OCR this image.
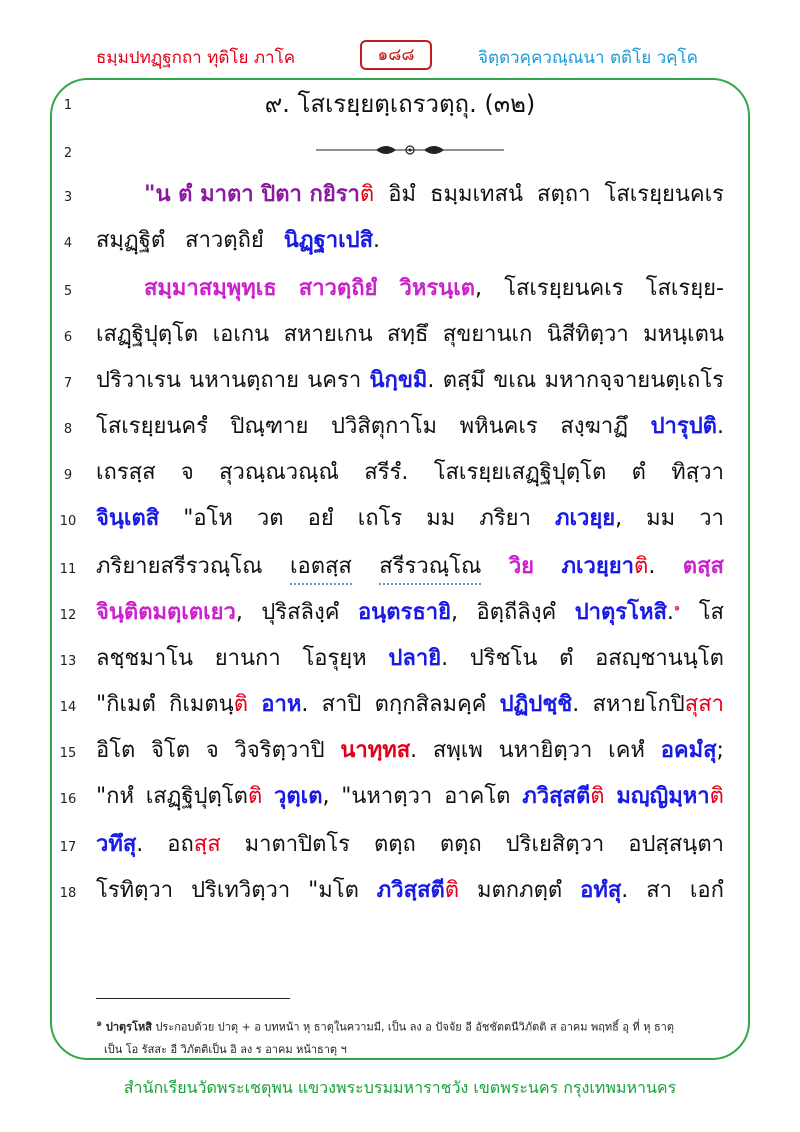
ธมฺมปทฏฺฐกถา ทุติโย ภาโค	๑๘๘	จิตฺตวคฺควณฺณนา ตติโย วคฺโค
๙. โสเรยฺยตฺเถรวตฺถุ. (๓๒)
1
2
3
4
5
6
7
8
9
10
11
12
13
14
15
16
17
18
"น ตํ มาตา ปิตา กยิราติ อิมํ ธมฺมเทสนํ สตฺถา โสเรยฺยนคเร
สมฺฏฺฐิตํ สาวตฺถิยํ นิฏฺฐาเปสิ.
สมฺมาสมฺพุทฺเธ สาวตฺถิยํ วิหรนฺเต, โสเรยฺยนคเร โสเรยฺย-
เสฏฺฐิปุตฺโต เอเกน สหายเกน สทฺธึ สุขยานเก นิสีทิตฺวา มหนฺเตน
ปริวาเรน นหานตฺถาย นครา นิกฺขมิ. ตสฺมึ ขเณ มหากจฺจายนตฺเถโร
โสเรยฺยนครํ ปิณฺฑาย ปวิสิตุกาโม พหินคเร สงฺฆาฏึ ปารุปติ.
เถรสฺส จ สุวณฺณวณฺณํ สรีรํ. โสเรยฺยเสฏฺฐิปุตฺโต ตํ ทิสฺวา
จินฺเตสิ "อโห วต อยํ เถโร มม ภริยา ภเวยฺย, มม วา
ภริยายสรีรวณฺโณ เอตสฺส สรีรวณฺโณ วิย ภเวยฺยาติ. ตสฺส
จินฺติตมตฺเตเยว, ปุริสลิงฺคํ อนฺตรธายิ, อิตฺถีลิงฺคํ ปาตุรโหสิ.$^๑$ โส
ลชฺชมาโน ยานกา โอรุยฺห ปลายิ. ปริชโน ตํ อสญฺชานนฺโต
"กิเมตํ กิเมตนฺติ อาห. สาปิ ตกฺกสิลมคฺคํ ปฏิปชฺชิ. สหายโกปิสุสา
อิโต จิโต จ วิจริตฺวาปิ นาทฺทส. สพฺเพ นหายิตฺวา เคหํ อคมํสุ;
"กหํ เสฏฺฐิปุตฺโตติ วุตฺเต, "นหาตฺวา อาคโต ภวิสฺสตีติ มญฺญิมฺหาติ
วทึสุ. อถสฺส มาตาปิตโร ตตฺถ ตตฺถ ปริเยสิตฺวา อปสฺสนฺตา
โรทิตฺวา ปริเทวิตฺวา "มโต ภวิสฺสตีติ มตกภตฺตํ อทํสุ. สา เอกํ
๑ ปาตุรโหสิ ประกอบด้วย ปาตุ + อ บทหน้า หุ ธาตุในความมี, เป็น ลง อ ปัจจัย อี อัชชัตตนีวิภัตติ ส อาคม พฤทธิ์ อุ ที่ หุ ธาตุ
เป็น โอ รัสสะ อี วิภัตติเป็น อิ ลง ร อาคม หน้าธาตุ ฯ
สำนักเรียนวัดพระเชตุพน แขวงพระบรมมหาราชวัง เขตพระนคร กรุงเทพมหานคร
